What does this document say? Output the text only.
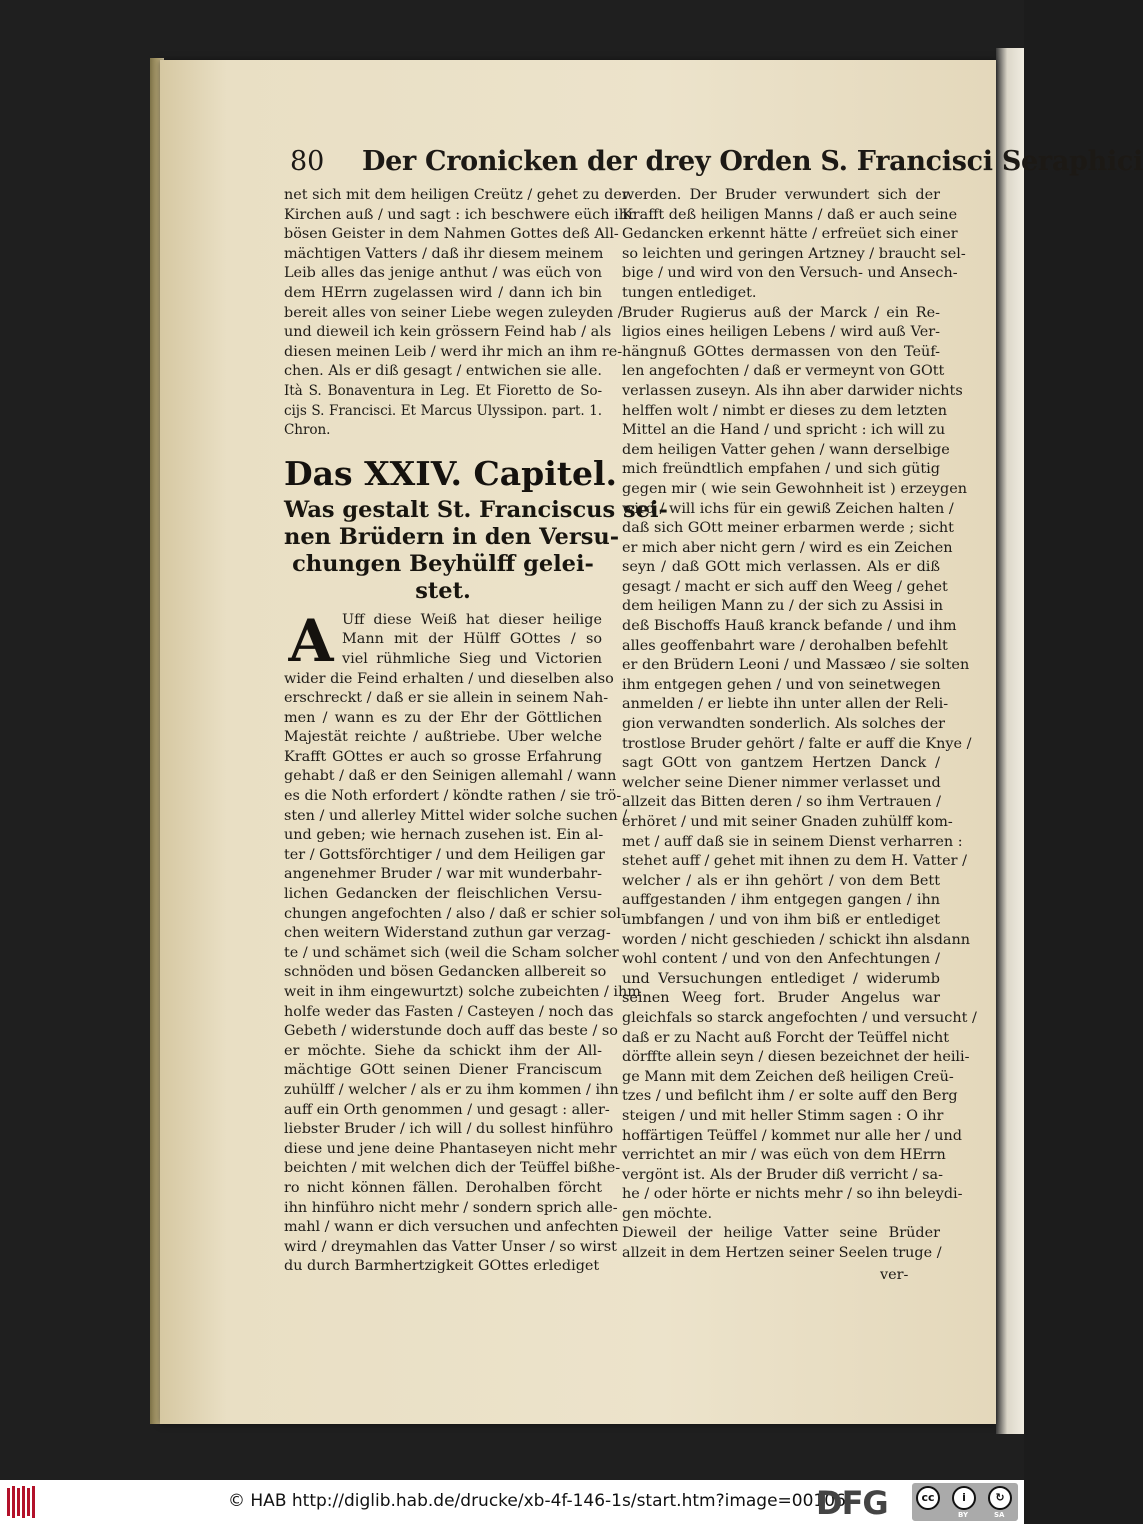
80 Der Cronicken der drey Orden S. Francisci Seraphici
net sich mit dem heiligen Creütz / gehet zu der
Kirchen auß / und sagt : ich beschwere eüch ihr
bösen Geister in dem Nahmen Gottes deß All-
mächtigen Vatters / daß ihr diesem meinem
Leib alles das jenige anthut / was eüch von
dem HErrn zugelassen wird / dann ich bin
bereit alles von seiner Liebe wegen zuleyden /
und dieweil ich kein grössern Feind hab / als
diesen meinen Leib / werd ihr mich an ihm re-
chen. Als er diß gesagt / entwichen sie alle.
Ità S. Bonaventura in Leg. Et Fioretto de So-
cijs S. Francisci. Et Marcus Ulyssipon. part. 1.
Chron.
Das XXIV. Capitel.
Was gestalt St. Franciscus sei-
nen Brüdern in den Versu-
chungen Beyhülff gelei-
stet.
A Uff diese Weiß hat dieser heilige
Mann mit der Hülff GOttes / so
viel rühmliche Sieg und Victorien
wider die Feind erhalten / und dieselben also
erschreckt / daß er sie allein in seinem Nah-
men / wann es zu der Ehr der Göttlichen
Majestät reichte / außtriebe. Uber welche
Krafft GOttes er auch so grosse Erfahrung
gehabt / daß er den Seinigen allemahl / wann
es die Noth erfordert / köndte rathen / sie trö-
sten / und allerley Mittel wider solche suchen /
und geben; wie hernach zusehen ist. Ein al-
ter / Gottsförchtiger / und dem Heiligen gar
angenehmer Bruder / war mit wunderbahr-
lichen Gedancken der fleischlichen Versu-
chungen angefochten / also / daß er schier sol-
chen weitern Widerstand zuthun gar verzag-
te / und schämet sich (weil die Scham solcher
schnöden und bösen Gedancken allbereit so
weit in ihm eingewurtzt) solche zubeichten / ihm
holfe weder das Fasten / Casteyen / noch das
Gebeth / widerstunde doch auff das beste / so
er möchte. Siehe da schickt ihm der All-
mächtige GOtt seinen Diener Franciscum
zuhülff / welcher / als er zu ihm kommen / ihn
auff ein Orth genommen / und gesagt : aller-
liebster Bruder / ich will / du sollest hinführo
diese und jene deine Phantaseyen nicht mehr
beichten / mit welchen dich der Teüffel bißhe-
ro nicht können fällen. Derohalben förcht
ihn hinführo nicht mehr / sondern sprich alle-
mahl / wann er dich versuchen und anfechten
wird / dreymahlen das Vatter Unser / so wirst
du durch Barmhertzigkeit GOttes erlediget
werden. Der Bruder verwundert sich der
Krafft deß heiligen Manns / daß er auch seine
Gedancken erkennt hätte / erfreüet sich einer
so leichten und geringen Artzney / braucht sel-
bige / und wird von den Versuch- und Ansech-
tungen entlediget.
Bruder Rugierus auß der Marck / ein Re-
ligios eines heiligen Lebens / wird auß Ver-
hängnuß GOttes dermassen von den Teüf-
len angefochten / daß er vermeynt von GOtt
verlassen zuseyn. Als ihn aber darwider nichts
helffen wolt / nimbt er dieses zu dem letzten
Mittel an die Hand / und spricht : ich will zu
dem heiligen Vatter gehen / wann derselbige
mich freündtlich empfahen / und sich gütig
gegen mir ( wie sein Gewohnheit ist ) erzeygen
wird / will ichs für ein gewiß Zeichen halten /
daß sich GOtt meiner erbarmen werde ; sicht
er mich aber nicht gern / wird es ein Zeichen
seyn / daß GOtt mich verlassen. Als er diß
gesagt / macht er sich auff den Weeg / gehet
dem heiligen Mann zu / der sich zu Assisi in
deß Bischoffs Hauß kranck befande / und ihm
alles geoffenbahrt ware / derohalben befehlt
er den Brüdern Leoni / und Massæo / sie solten
ihm entgegen gehen / und von seinetwegen
anmelden / er liebte ihn unter allen der Reli-
gion verwandten sonderlich. Als solches der
trostlose Bruder gehört / falte er auff die Knye /
sagt GOtt von gantzem Hertzen Danck /
welcher seine Diener nimmer verlasset und
allzeit das Bitten deren / so ihm Vertrauen /
erhöret / und mit seiner Gnaden zuhülff kom-
met / auff daß sie in seinem Dienst verharren :
stehet auff / gehet mit ihnen zu dem H. Vatter /
welcher / als er ihn gehört / von dem Bett
auffgestanden / ihm entgegen gangen / ihn
umbfangen / und von ihm biß er entlediget
worden / nicht geschieden / schickt ihn alsdann
wohl content / und von den Anfechtungen /
und Versuchungen entlediget / widerumb
seinen Weeg fort. Bruder Angelus war
gleichfals so starck angefochten / und versucht /
daß er zu Nacht auß Forcht der Teüffel nicht
dörffte allein seyn / diesen bezeichnet der heili-
ge Mann mit dem Zeichen deß heiligen Creü-
tzes / und befilcht ihm / er solte auff den Berg
steigen / und mit heller Stimm sagen : O ihr
hoffärtigen Teüffel / kommet nur alle her / und
verrichtet an mir / was eüch von dem HErrn
vergönt ist. Als der Bruder diß verricht / sa-
he / oder hörte er nichts mehr / so ihn beleydi-
gen möchte.
Dieweil der heilige Vatter seine Brüder
allzeit in dem Hertzen seiner Seelen truge /
ver-
© HAB http://diglib.hab.de/drucke/xb-4f-146-1s/start.htm?image=00106
DFG	cc	i	↻
BY	SA
